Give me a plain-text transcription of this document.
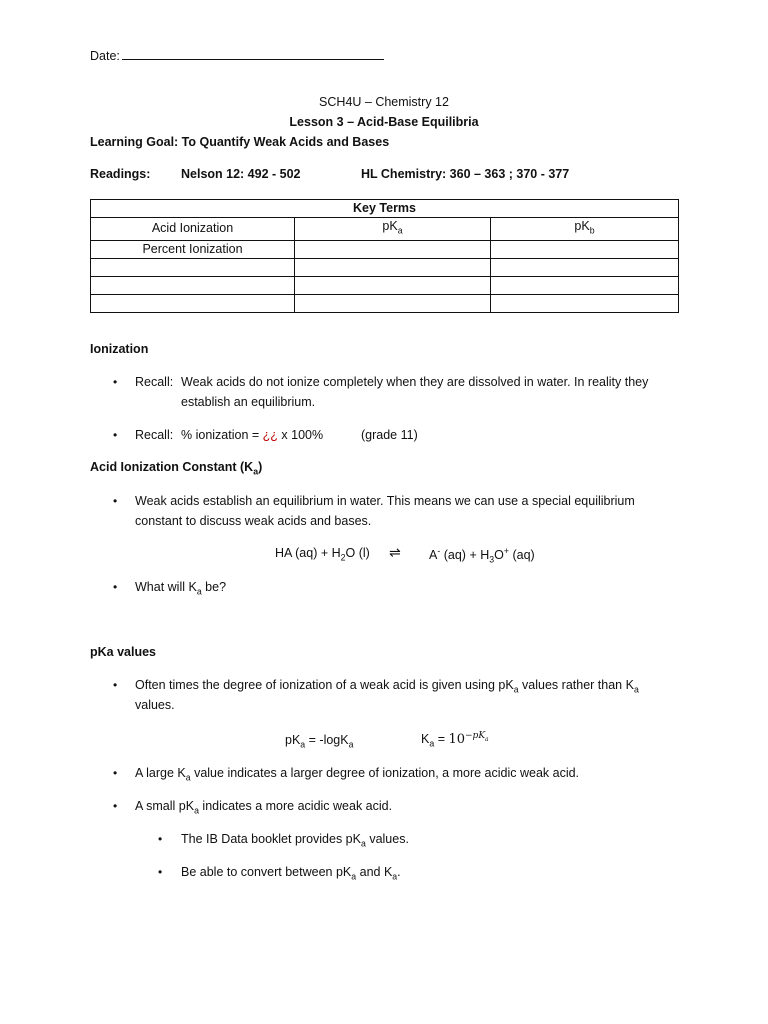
Date:
SCH4U – Chemistry 12
Lesson 3 – Acid-Base Equilibria
Learning Goal: To Quantify Weak Acids and Bases
Readings: Nelson 12: 492 - 502	HL Chemistry: 360 – 363 ; 370 - 377
Key Terms		
Acid Ionization	$pK_a$	$pK_b$
Percent Ionization		

Ionization
• Recall: Weak acids do not ionize completely when they are dissolved in water. In reality they
establish an equilibrium.
• Recall: % ionization = ¿¿ x 100%	(grade 11)
Acid Ionization Constant $(K_a)$
• Weak acids establish an equilibrium in water. This means we can use a special equilibrium
constant to discuss weak acids and bases.
HA $(aq) + H_2O$ (l) ⇌ A- $(aq) + H_3O^+$ (aq)
• What will $K_a$ be?
pKa values
• Often times the degree of ionization of a weak acid is given using $pK_a$ values rather than $K_a$
values.
$pK_a = -\log K_a$	$K_a = 10^{-pK_a}$
• A large $K_a$ value indicates a larger degree of ionization, a more acidic weak acid.
• A small $pK_a$ indicates a more acidic weak acid.
• The IB Data booklet provides $pK_a$ values.
• Be able to convert between $pK_a$ and $K_a$.
